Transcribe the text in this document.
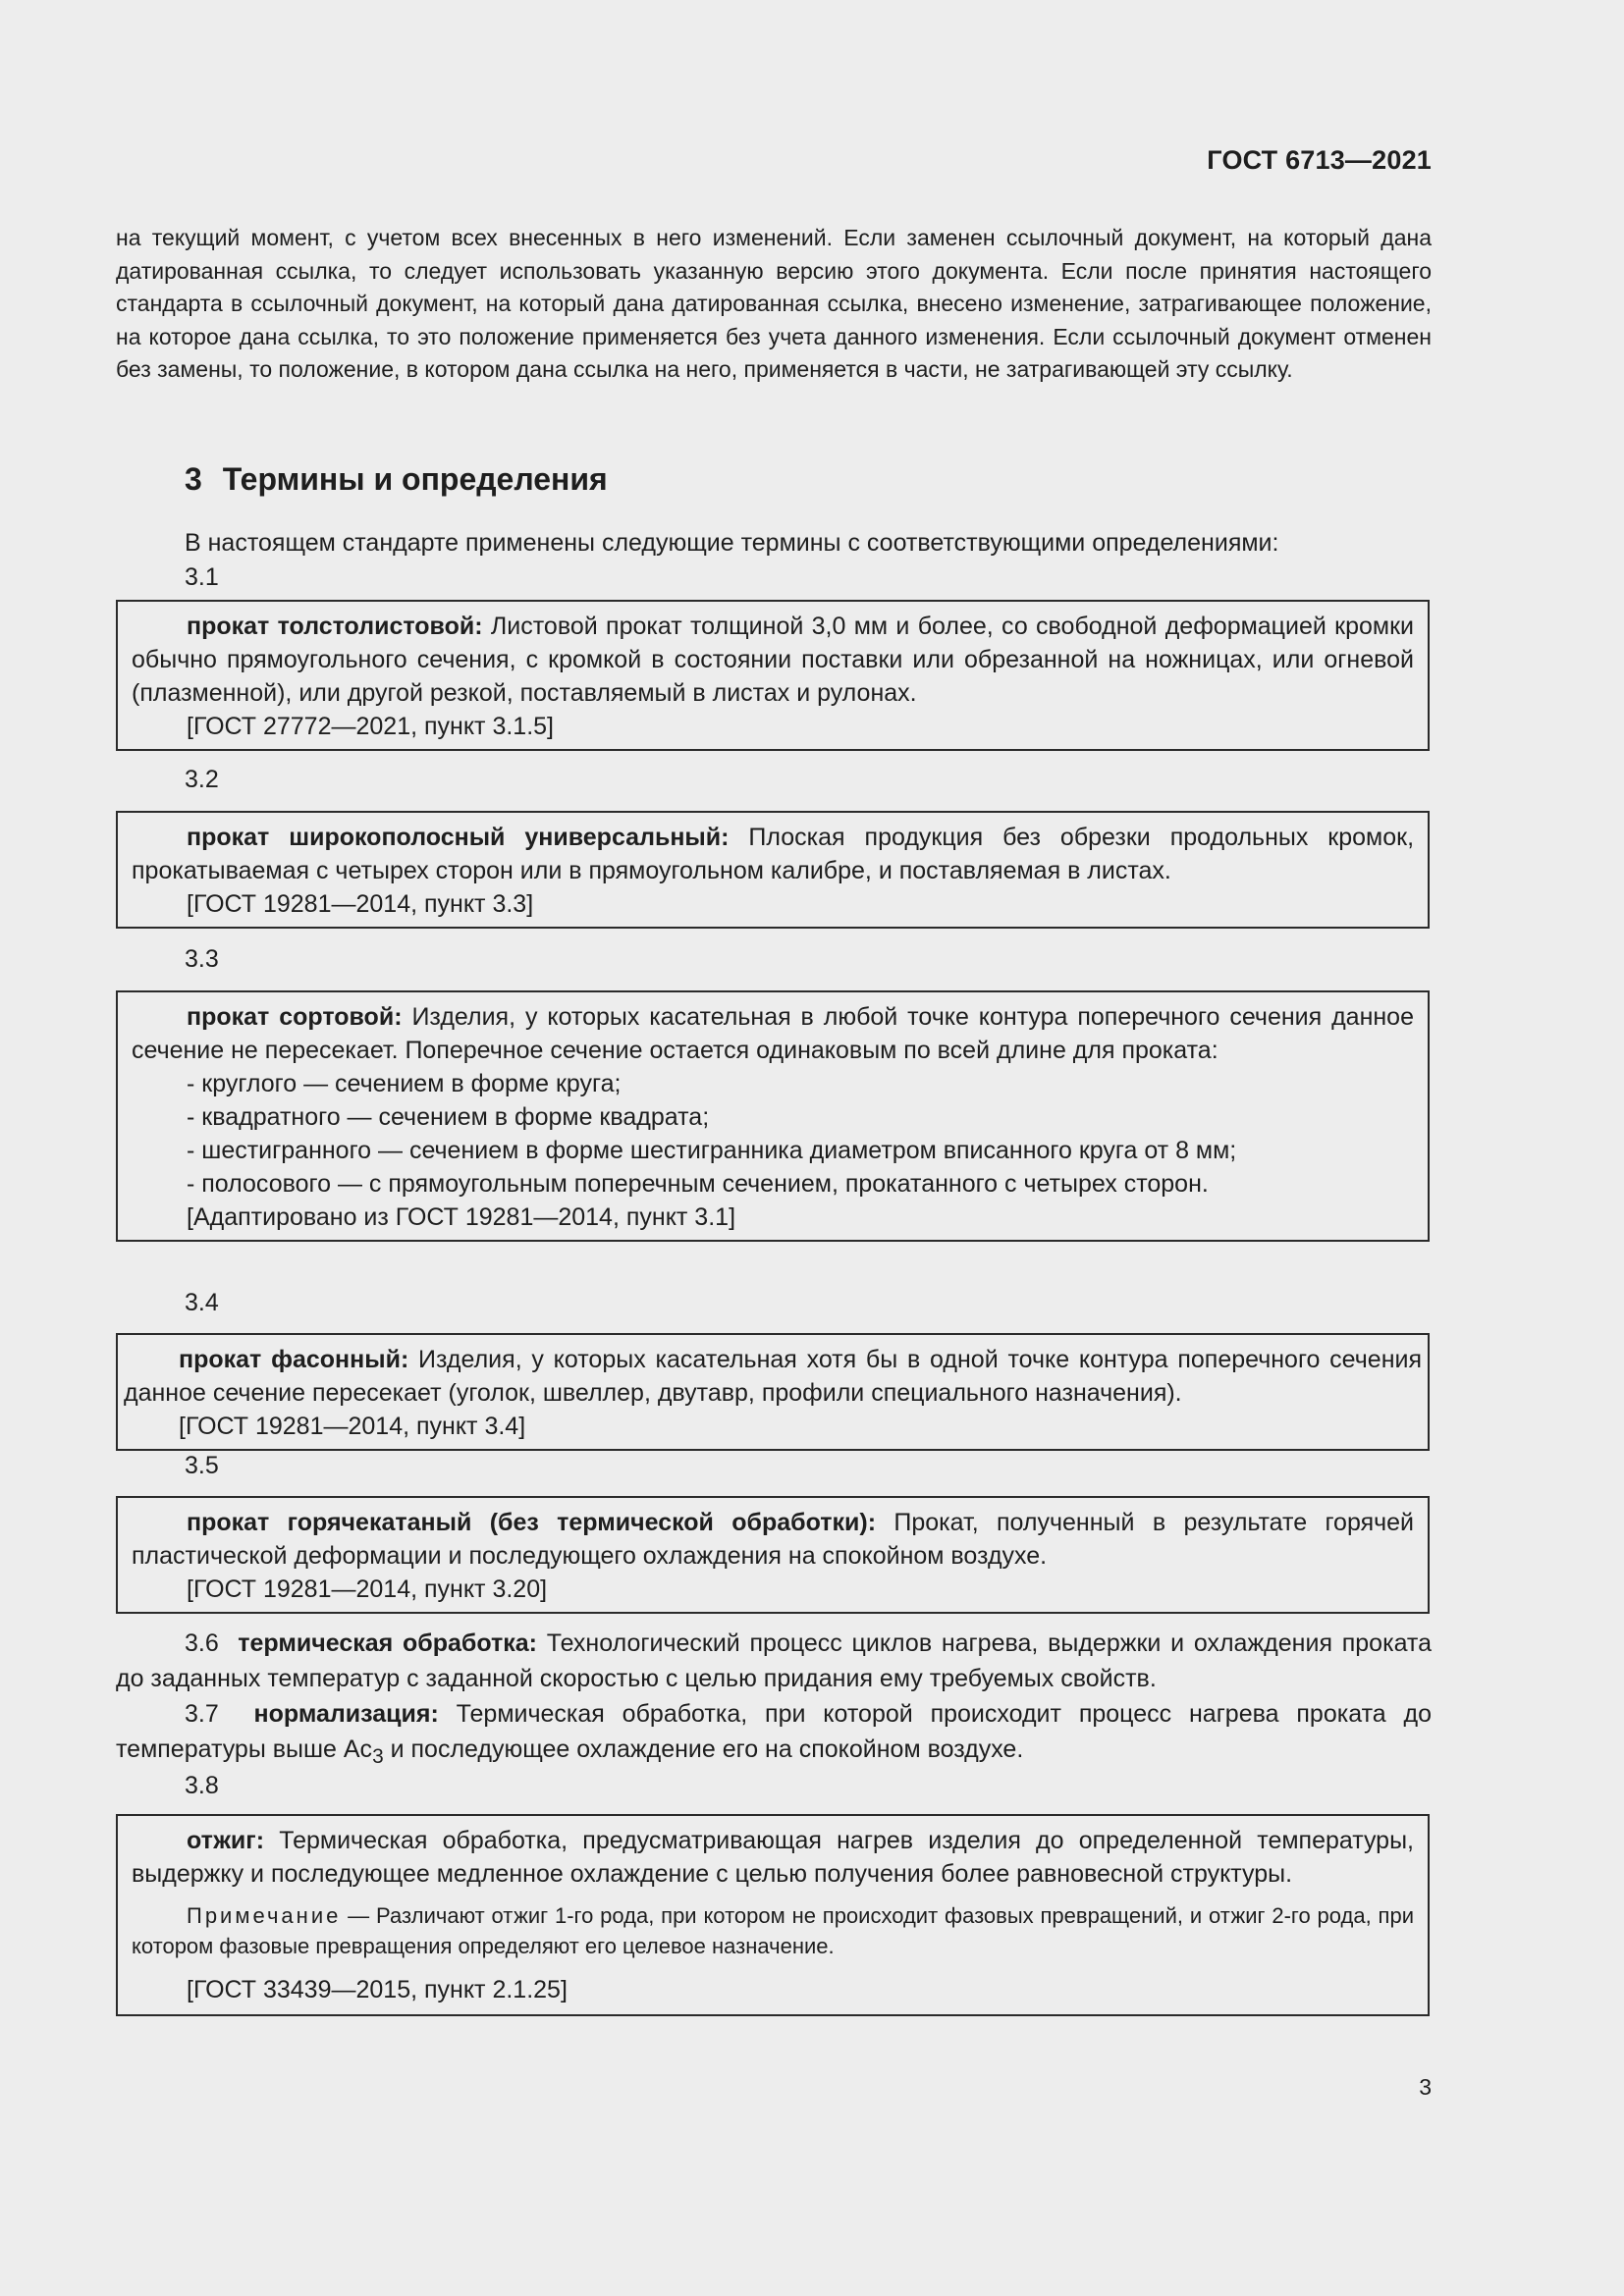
ГОСТ 6713—2021
на текущий момент, с учетом всех внесенных в него изменений. Если заменен ссылочный документ, на который дана датированная ссылка, то следует использовать указанную версию этого документа. Если после принятия настоящего стандарта в ссылочный документ, на который дана датированная ссылка, внесено изменение, затрагивающее положение, на которое дана ссылка, то это положение применяется без учета данного изменения. Если ссылочный документ отменен без замены, то положение, в котором дана ссылка на него, применяется в части, не затрагивающей эту ссылку.
3 Термины и определения
В настоящем стандарте применены следующие термины с соответствующими определениями:
3.1

прокат толстолистовой: Листовой прокат толщиной 3,0 мм и более, со свободной деформацией кромки обычно прямоугольного сечения, с кромкой в состоянии поставки или обрезанной на ножницах, или огневой (плазменной), или другой резкой, поставляемый в листах и рулонах.

[ГОСТ 27772—2021, пункт 3.1.5]
3.2

прокат широкополосный универсальный: Плоская продукция без обрезки продольных кромок, прокатываемая с четырех сторон или в прямоугольном калибре, и поставляемая в листах.

[ГОСТ 19281—2014, пункт 3.3]
3.3

прокат сортовой: Изделия, у которых касательная в любой точке контура поперечного сечения данное сечение не пересекает. Поперечное сечение остается одинаковым по всей длине для проката:

- круглого — сечением в форме круга;
- квадратного — сечением в форме квадрата;
- шестигранного — сечением в форме шестигранника диаметром вписанного круга от 8 мм;
- полосового — с прямоугольным поперечным сечением, прокатанного с четырех сторон.
[Адаптировано из ГОСТ 19281—2014, пункт 3.1]
3.4

прокат фасонный: Изделия, у которых касательная хотя бы в одной точке контура поперечного сечения данное сечение пересекает (уголок, швеллер, двутавр, профили специального назначения).

[ГОСТ 19281—2014, пункт 3.4]
3.5

прокат горячекатаный (без термической обработки): Прокат, полученный в результате горячей пластической деформации и последующего охлаждения на спокойном воздухе.

[ГОСТ 19281—2014, пункт 3.20]

3.6 термическая обработка: Технологический процесс циклов нагрева, выдержки и охлаждения проката до заданных температур с заданной скоростью с целью придания ему требуемых свойств.

3.7 нормализация: Термическая обработка, при которой происходит процесс нагрева проката до температуры выше $Ac_3$ и последующее охлаждение его на спокойном воздухе.

3.8

отжиг: Термическая обработка, предусматривающая нагрев изделия до определенной температуры, выдержку и последующее медленное охлаждение с целью получения более равновесной структуры.

Примечание — Различают отжиг 1-го рода, при котором не происходит фазовых превращений, и отжиг 2-го рода, при котором фазовые превращения определяют его целевое назначение.

[ГОСТ 33439—2015, пункт 2.1.25]
3
